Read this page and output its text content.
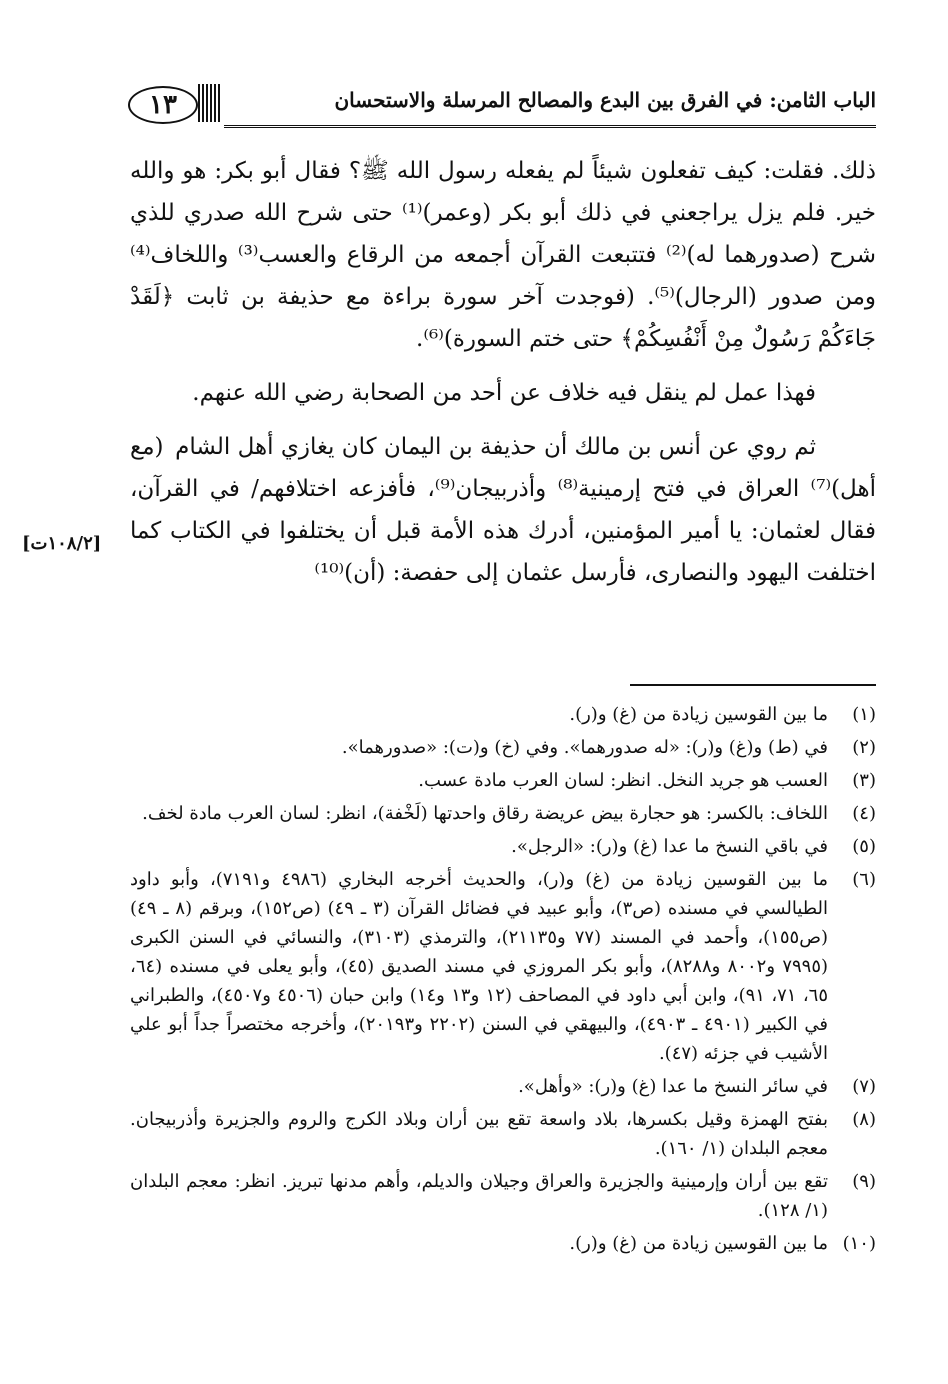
١٣	الباب الثامن: في الفرق بين البدع والمصالح المرسلة والاستحسان

ذلك. فقلت: كيف تفعلون شيئاً لم يفعله رسول الله ﷺ؟ فقال أبو بكر: هو والله خير. فلم يزل يراجعني في ذلك أبو بكر (وعمر)⁽¹⁾ حتى شرح الله صدري للذي شرح (صدورهما له)⁽²⁾ فتتبعت القرآن أجمعه من الرقاع والعسب⁽³⁾ واللخاف⁽⁴⁾ ومن صدور (الرجال)⁽⁵⁾. (فوجدت آخر سورة براءة مع حذيفة بن ثابت ﴿لَقَدْ جَاءَكُمْ رَسُولٌ مِنْ أَنْفُسِكُمْ﴾ حتى ختم السورة)⁽⁶⁾.

فهذا عمل لم ينقل فيه خلاف عن أحد من الصحابة رضي الله عنهم.

ثم روي عن أنس بن مالك أن حذيفة بن اليمان كان يغازي أهل الشام (مع أهل)⁽⁷⁾ العراق في فتح إرمينية⁽⁸⁾ وأذربيجان⁽⁹⁾، فأفزعه اختلافهم/ في القرآن، فقال لعثمان: يا أمير المؤمنين، أدرك هذه الأمة قبل أن يختلفوا في الكتاب كما اختلفت اليهود والنصارى، فأرسل عثمان إلى حفصة: (أن)⁽¹⁰⁾

[١٠٨/٢ت]
(١)
ما بين القوسين زيادة من (غ) و(ر).
(٢)
في (ط) و(غ) و(ر): «له صدورهما». وفي (خ) و(ت): «صدورهما».
(٣)
العسب هو جريد النخل. انظر: لسان العرب مادة عسب.
(٤)
اللخاف: بالكسر: هو حجارة بيض عريضة رقاق واحدتها (لَخْفة)، انظر: لسان العرب مادة لخف.
(٥)
في باقي النسخ ما عدا (غ) و(ر): «الرجل».
(٦)
ما بين القوسين زيادة من (غ) و(ر)، والحديث أخرجه البخاري (٤٩٨٦ و٧١٩١)، وأبو داود الطيالسي في مسنده (ص٣)، وأبو عبيد في فضائل القرآن (٣ ـ ٤٩) (ص١٥٢)، وبرقم (٨ ـ ٤٩) (ص١٥٥)، وأحمد في المسند (٧٧ و٢١١٣٥)، والترمذي (٣١٠٣)، والنسائي في السنن الكبرى (٧٩٩٥ و٨٠٠٢ و٨٢٨٨)، وأبو بكر المروزي في مسند الصديق (٤٥)، وأبو يعلى في مسنده (٦٤، ٦٥، ٧١، ٩١)، وابن أبي داود في المصاحف (١٢ و١٣ و١٤) وابن حبان (٤٥٠٦ و٤٥٠٧)، والطبراني في الكبير (٤٩٠١ ـ ٤٩٠٣)، والبيهقي في السنن (٢٢٠٢ و٢٠١٩٣)، وأخرجه مختصراً جداً أبو علي الأشيب في جزئه (٤٧).
(٧)
في سائر النسخ ما عدا (غ) و(ر): «وأهل».
(٨)
بفتح الهمزة وقيل بكسرها، بلاد واسعة تقع بين أران وبلاد الكرج والروم والجزيرة وأذربيجان. معجم البلدان (١/ ١٦٠).
(٩)
تقع بين أران وإرمينية والجزيرة والعراق وجيلان والديلم، وأهم مدنها تبريز. انظر: معجم البلدان (١/ ١٢٨).
(١٠)
ما بين القوسين زيادة من (غ) و(ر).
